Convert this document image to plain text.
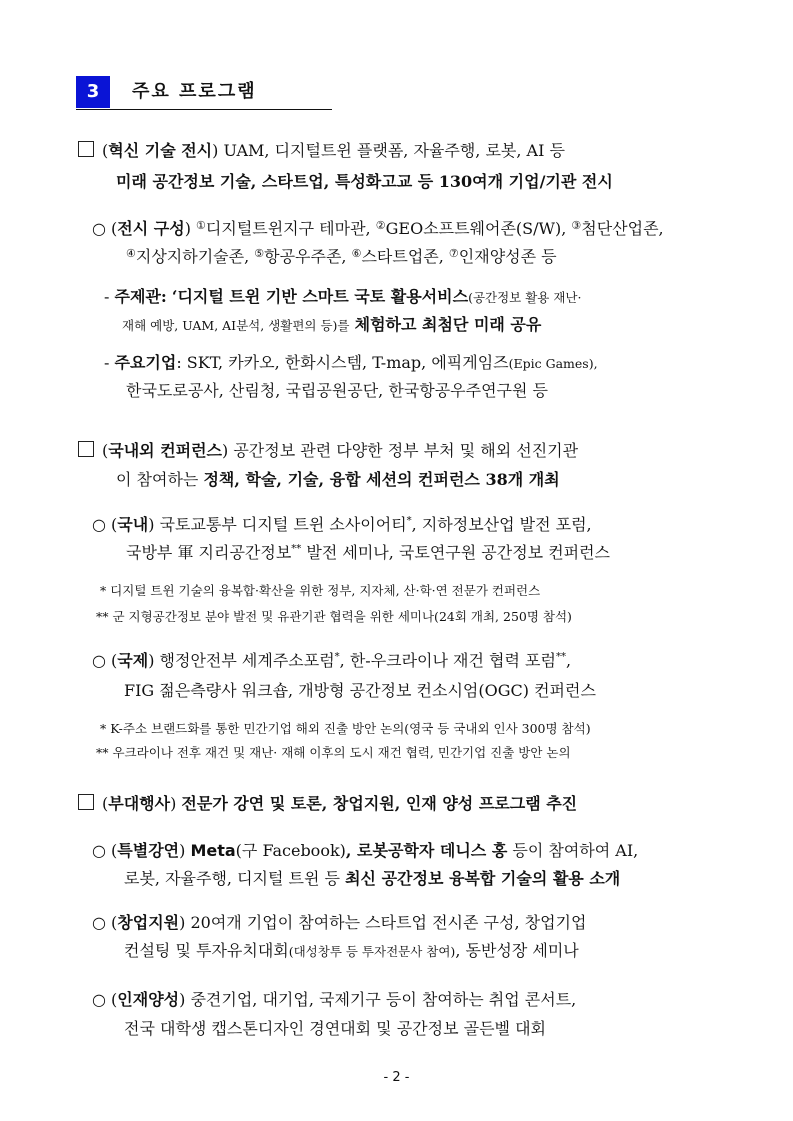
3	주요 프로그램
(혁신 기술 전시) UAM, 디지털트윈 플랫폼, 자율주행, 로봇, AI 등
미래 공간정보 기술, 스타트업, 특성화고교 등 130여개 기업/기관 전시
○ (전시 구성) ①디지털트윈지구 테마관, ②GEO소프트웨어존(S/W), ③첨단산업존,
④지상지하기술존, ⑤항공우주존, ⑥스타트업존, ⑦인재양성존 등
- 주제관: ‘디지털 트윈 기반 스마트 국토 활용서비스(공간정보 활용 재난·
재해 예방, UAM, AI분석, 생활편의 등)를 체험하고 최첨단 미래 공유
- 주요기업: SKT, 카카오, 한화시스템, T-map, 에픽게임즈(Epic Games),
한국도로공사, 산림청, 국립공원공단, 한국항공우주연구원 등
(국내외 컨퍼런스) 공간정보 관련 다양한 정부 부처 및 해외 선진기관
이 참여하는 정책, 학술, 기술, 융합 세션의 컨퍼런스 38개 개최
○ (국내) 국토교통부 디지털 트윈 소사이어티*, 지하정보산업 발전 포럼,
국방부 軍 지리공간정보** 발전 세미나, 국토연구원 공간정보 컨퍼런스
* 디지털 트윈 기술의 융복합·확산을 위한 정부, 지자체, 산·학·연 전문가 컨퍼런스
** 군 지형공간정보 분야 발전 및 유관기관 협력을 위한 세미나(24회 개최, 250명 참석)
○ (국제) 행정안전부 세계주소포럼*, 한-우크라이나 재건 협력 포럼**,
FIG 젊은측량사 워크숍, 개방형 공간정보 컨소시엄(OGC) 컨퍼런스
* K-주소 브랜드화를 통한 민간기업 해외 진출 방안 논의(영국 등 국내외 인사 300명 참석)
** 우크라이나 전후 재건 및 재난· 재해 이후의 도시 재건 협력, 민간기업 진출 방안 논의
(부대행사) 전문가 강연 및 토론, 창업지원, 인재 양성 프로그램 추진
○ (특별강연) Meta(구 Facebook), 로봇공학자 데니스 홍 등이 참여하여 AI,
로봇, 자율주행, 디지털 트윈 등 최신 공간정보 융복합 기술의 활용 소개
○ (창업지원) 20여개 기업이 참여하는 스타트업 전시존 구성, 창업기업
컨설팅 및 투자유치대회(대성창투 등 투자전문사 참여), 동반성장 세미나
○ (인재양성) 중견기업, 대기업, 국제기구 등이 참여하는 취업 콘서트,
전국 대학생 캡스톤디자인 경연대회 및 공간정보 골든벨 대회
- 2 -
